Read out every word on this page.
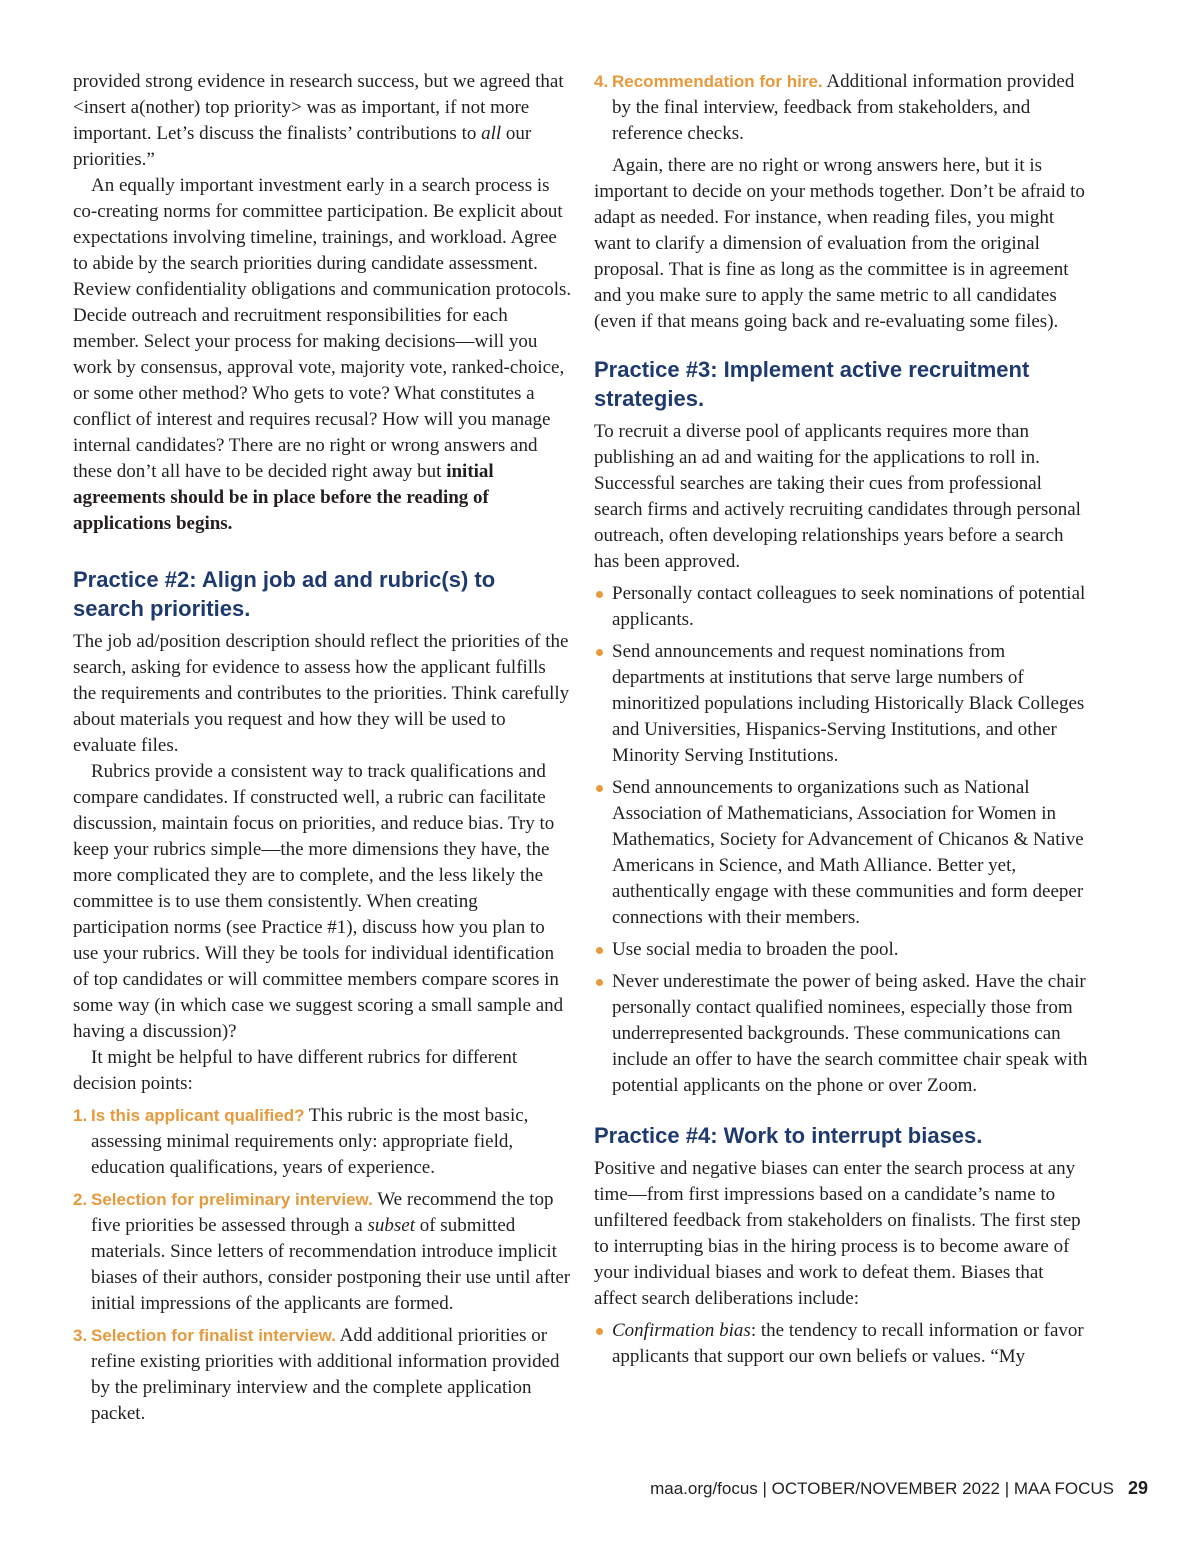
provided strong evidence in research success, but we agreed that <insert a(nother) top priority> was as important, if not more important. Let’s discuss the finalists’ contributions to all our priorities.”

An equally important investment early in a search process is co-creating norms for committee participation. Be explicit about expectations involving timeline, trainings, and workload. Agree to abide by the search priorities during candidate assessment. Review confidentiality obligations and communication protocols. Decide outreach and recruitment responsibilities for each member. Select your process for making decisions—will you work by consensus, approval vote, majority vote, ranked-choice, or some other method? Who gets to vote? What constitutes a conflict of interest and requires recusal? How will you manage internal candidates? There are no right or wrong answers and these don’t all have to be decided right away but initial agreements should be in place before the reading of applications begins.

Practice #2: Align job ad and rubric(s) to search priorities.

The job ad/position description should reflect the priorities of the search, asking for evidence to assess how the applicant fulfills the requirements and contributes to the priorities. Think carefully about materials you request and how they will be used to evaluate files.

Rubrics provide a consistent way to track qualifications and compare candidates. If constructed well, a rubric can facilitate discussion, maintain focus on priorities, and reduce bias. Try to keep your rubrics simple—the more dimensions they have, the more complicated they are to complete, and the less likely the committee is to use them consistently. When creating participation norms (see Practice #1), discuss how you plan to use your rubrics. Will they be tools for individual identification of top candidates or will committee members compare scores in some way (in which case we suggest scoring a small sample and having a discussion)?

It might be helpful to have different rubrics for different decision points:

1. Is this applicant qualified? This rubric is the most basic, assessing minimal requirements only: appropriate field, education qualifications, years of experience.
2. Selection for preliminary interview. We recommend the top five priorities be assessed through a subset of submitted materials. Since letters of recommendation introduce implicit biases of their authors, consider postponing their use until after initial impressions of the applicants are formed.
3. Selection for finalist interview. Add additional priorities or refine existing priorities with additional information provided by the preliminary interview and the complete application packet.
4. Recommendation for hire. Additional information provided by the final interview, feedback from stakeholders, and reference checks.

Again, there are no right or wrong answers here, but it is important to decide on your methods together. Don’t be afraid to adapt as needed. For instance, when reading files, you might want to clarify a dimension of evaluation from the original proposal. That is fine as long as the committee is in agreement and you make sure to apply the same metric to all candidates (even if that means going back and re-evaluating some files).

Practice #3: Implement active recruitment strategies.

To recruit a diverse pool of applicants requires more than publishing an ad and waiting for the applications to roll in. Successful searches are taking their cues from professional search firms and actively recruiting candidates through personal outreach, often developing relationships years before a search has been approved.

Personally contact colleagues to seek nominations of potential applicants.
Send announcements and request nominations from departments at institutions that serve large numbers of minoritized populations including Historically Black Colleges and Universities, Hispanics-Serving Institutions, and other Minority Serving Institutions.
Send announcements to organizations such as National Association of Mathematicians, Association for Women in Mathematics, Society for Advancement of Chicanos & Native Americans in Science, and Math Alliance. Better yet, authentically engage with these communities and form deeper connections with their members.
Use social media to broaden the pool.
Never underestimate the power of being asked. Have the chair personally contact qualified nominees, especially those from underrepresented backgrounds. These communications can include an offer to have the search committee chair speak with potential applicants on the phone or over Zoom.
Practice #4: Work to interrupt biases.

Positive and negative biases can enter the search process at any time—from first impressions based on a candidate’s name to unfiltered feedback from stakeholders on finalists. The first step to interrupting bias in the hiring process is to become aware of your individual biases and work to defeat them. Biases that affect search deliberations include:

Confirmation bias: the tendency to recall information or favor applicants that support our own beliefs or values. “My
maa.org/focus | OCTOBER/NOVEMBER 2022 | MAA FOCUS 29
